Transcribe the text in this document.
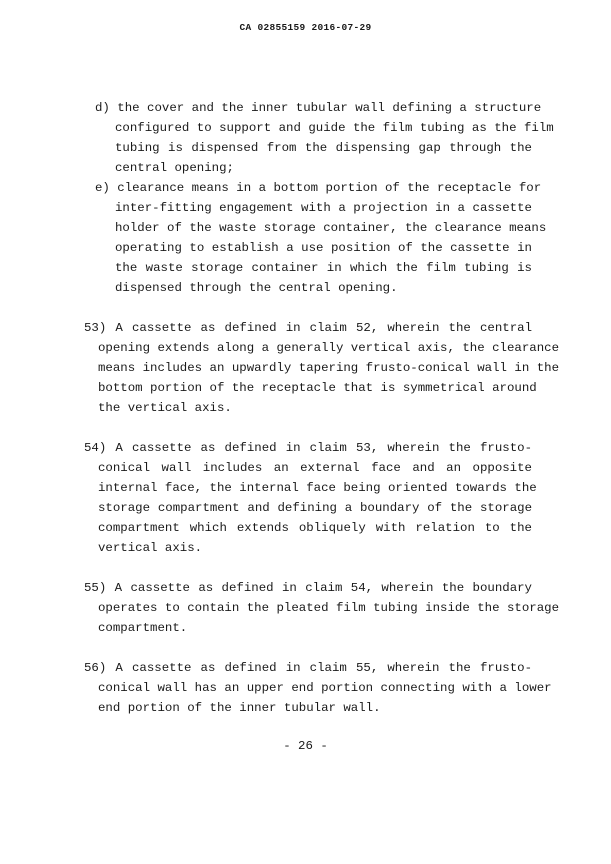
CA 02855159 2016-07-29
d) the cover and the inner tubular wall defining a structure
configured to support and guide the film tubing as the film
tubing is dispensed from the dispensing gap through the
central opening;
e) clearance means in a bottom portion of the receptacle for
inter-fitting engagement with a projection in a cassette
holder of the waste storage container, the clearance means
operating to establish a use position of the cassette in
the waste storage container in which the film tubing is
dispensed through the central opening.
53) A cassette as defined in claim 52, wherein the central
opening extends along a generally vertical axis, the clearance
means includes an upwardly tapering frusto-conical wall in the
bottom portion of the receptacle that is symmetrical around
the vertical axis.
54) A cassette as defined in claim 53, wherein the frusto-
conical wall includes an external face and an opposite
internal face, the internal face being oriented towards the
storage compartment and defining a boundary of the storage
compartment which extends obliquely with relation to the
vertical axis.
55) A cassette as defined in claim 54, wherein the boundary
operates to contain the pleated film tubing inside the storage
compartment.
56) A cassette as defined in claim 55, wherein the frusto-
conical wall has an upper end portion connecting with a lower
end portion of the inner tubular wall.
- 26 -
